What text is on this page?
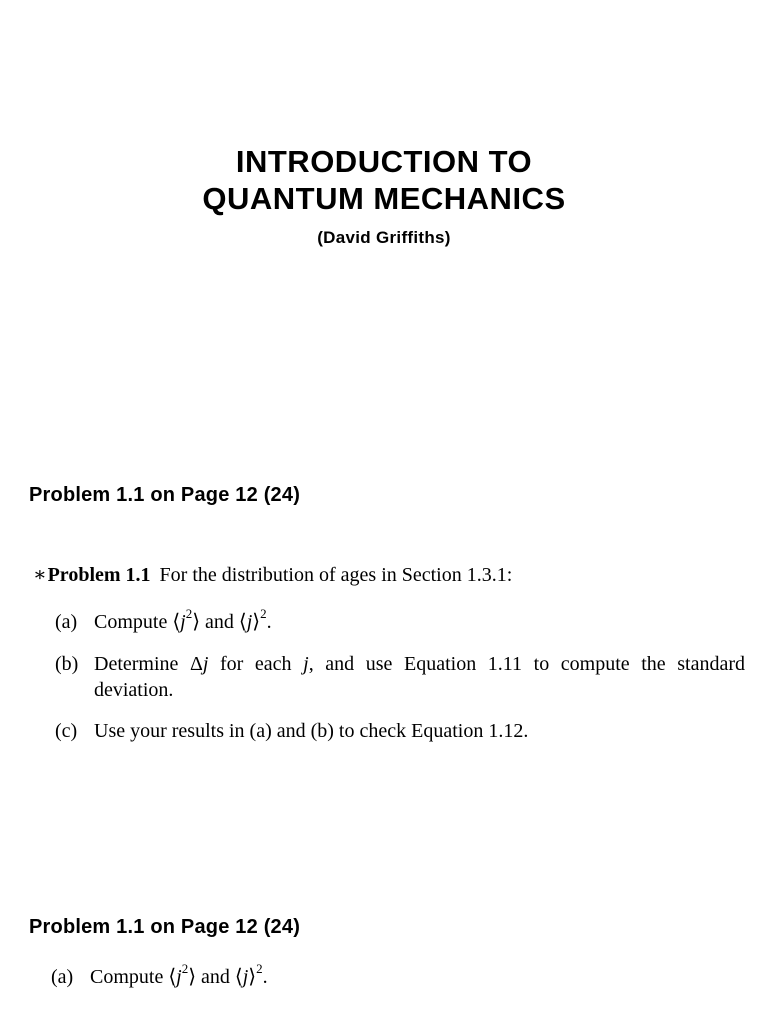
INTRODUCTION TO
QUANTUM MECHANICS
(David Griffiths)
Problem 1.1 on Page 12 (24)
∗ Problem 1.1 For the distribution of ages in Section 1.3.1:
(a) Compute $⟨j^2⟩$ and ⟨j⟩$^2$.
(b) Determine Δj for each j, and use Equation 1.11 to compute the standard deviation.
(c) Use your results in (a) and (b) to check Equation 1.12.
Problem 1.1 on Page 12 (24)
(a) Compute $⟨j^2⟩$ and ⟨j⟩$^2$.
